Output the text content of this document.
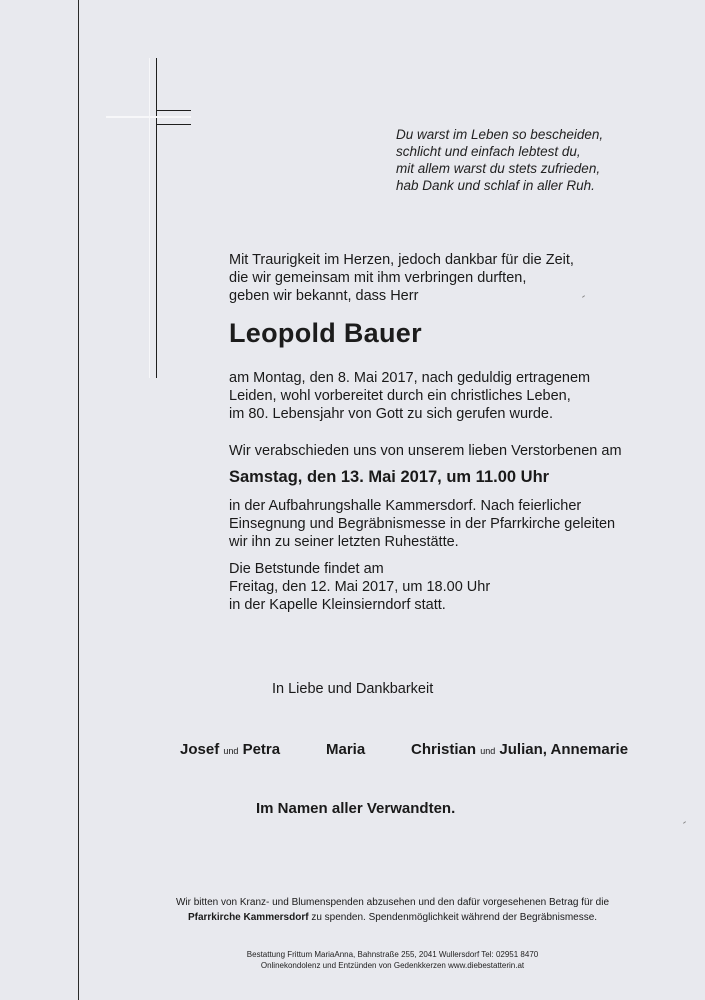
Du warst im Leben so bescheiden,
schlicht und einfach lebtest du,
mit allem warst du stets zufrieden,
hab Dank und schlaf in aller Ruh.
Mit Traurigkeit im Herzen, jedoch dankbar für die Zeit,
die wir gemeinsam mit ihm verbringen durften,
geben wir bekannt, dass Herr
Leopold Bauer
am Montag, den 8. Mai 2017, nach geduldig ertragenem
Leiden, wohl vorbereitet durch ein christliches Leben,
im 80. Lebensjahr von Gott zu sich gerufen wurde.
Wir verabschieden uns von unserem lieben Verstorbenen am
Samstag, den 13. Mai 2017, um 11.00 Uhr
in der Aufbahrungshalle Kammersdorf. Nach feierlicher
Einsegnung und Begräbnismesse in der Pfarrkirche geleiten
wir ihn zu seiner letzten Ruhestätte.
Die Betstunde findet am
Freitag, den 12. Mai 2017, um 18.00 Uhr
in der Kapelle Kleinsierndorf statt.
In Liebe und Dankbarkeit
Josef und Petra	Maria	Christian und Julian, Annemarie
Im Namen aller Verwandten.
Wir bitten von Kranz- und Blumenspenden abzusehen und den dafür vorgesehenen Betrag für die
Pfarrkirche Kammersdorf zu spenden. Spendenmöglichkeit während der Begräbnismesse.
Bestattung Frittum MariaAnna, Bahnstraße 255, 2041 Wullersdorf Tel: 02951 8470
Onlinekondolenz und Entzünden von Gedenkkerzen www.diebestatterin.at
